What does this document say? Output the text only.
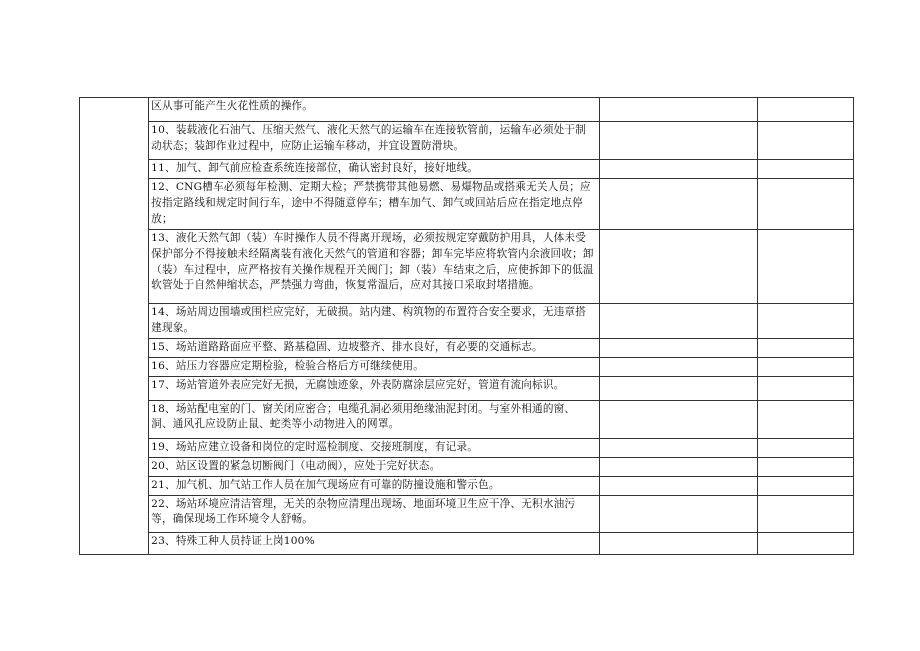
	区从事可能产生火花性质的操作。		

	10、装载液化石油气、压缩天然气、液化天然气的运输车在连接软管前，运输车必须处于制动状态；装卸作业过程中，应防止运输车移动，并宜设置防滑块。		

	11、加气、卸气前应检查系统连接部位，确认密封良好，接好地线。		

	12、CNG槽车必须每年检测、定期大检；严禁携带其他易燃、易爆物品或搭乘无关人员；应按指定路线和规定时间行车，途中不得随意停车；槽车加气、卸气或回站后应在指定地点停放；		

	13、液化天然气卸（装）车时操作人员不得离开现场，必须按规定穿戴防护用具，人体未受保护部分不得接触未经隔离装有液化天然气的管道和容器；卸车完毕应将软管内余液回收；卸（装）车过程中，应严格按有关操作规程开关阀门；卸（装）车结束之后，应使拆卸下的低温软管处于自然伸缩状态，严禁强力弯曲，恢复常温后，应对其接口采取封堵措施。		

	14、场站周边围墙或围栏应完好，无破损。站内建、构筑物的布置符合安全要求，无违章搭建现象。		

	15、场站道路路面应平整、路基稳固、边坡整齐、排水良好，有必要的交通标志。		

	16、站压力容器应定期检验，检验合格后方可继续使用。		

	17、场站管道外表应完好无损，无腐蚀迹象，外表防腐涂层应完好，管道有流向标识。		

	18、场站配电室的门、窗关闭应密合；电缆孔洞必须用绝缘油泥封闭。与室外相通的窗、洞、通风孔应设防止鼠、蛇类等小动物进入的网罩。		

	19、场站应建立设备和岗位的定时巡检制度、交接班制度，有记录。		

	20、站区设置的紧急切断阀门（电动阀），应处于完好状态。		

	21、加气机、加气站工作人员在加气现场应有可靠的防撞设施和警示色。		

	22、场站环境应清洁管理，无关的杂物应清理出现场、地面环境卫生应干净、无积水油污等，确保现场工作环境令人舒畅。		

	23、特殊工种人员持证上岗100%		
